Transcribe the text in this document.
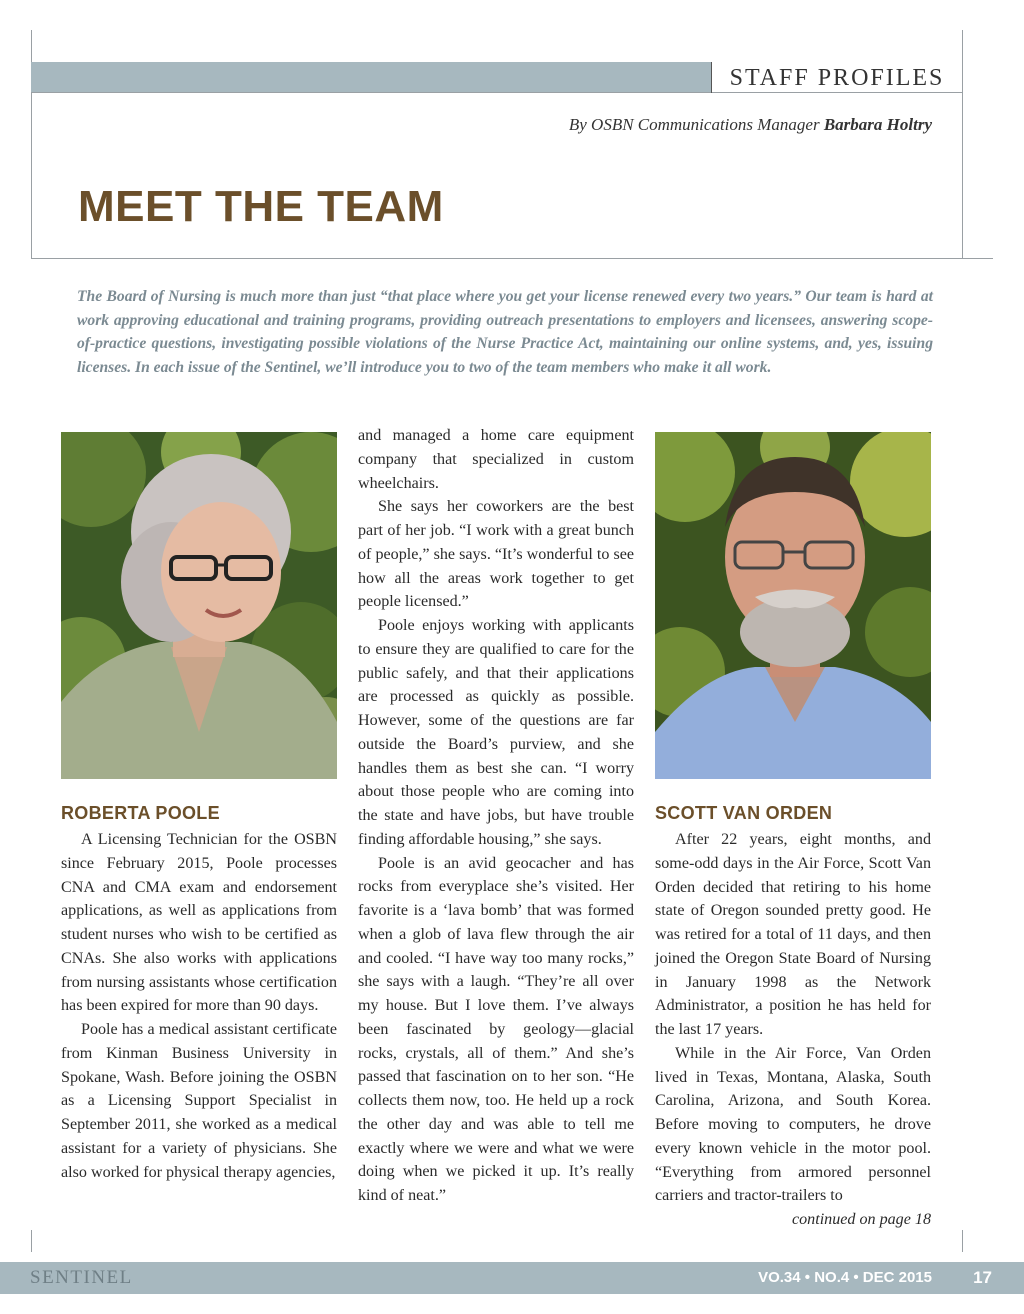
STAFF PROFILES
By OSBN Communications Manager Barbara Holtry
MEET THE TEAM
The Board of Nursing is much more than just “that place where you get your license renewed every two years.” Our team is hard at work approving educational and training programs, providing outreach presentations to employers and licensees, answering scope-of-practice questions, investigating possible violations of the Nurse Practice Act, maintaining our online systems, and, yes, issuing licenses. In each issue of the Sentinel, we’ll introduce you to two of the team members who make it all work.
ROBERTA POOLE

A Licensing Technician for the OSBN since February 2015, Poole processes CNA and CMA exam and endorsement applications, as well as applications from student nurses who wish to be certified as CNAs. She also works with applications from nursing assistants whose certification has been expired for more than 90 days.

Poole has a medical assistant certificate from Kinman Business University in Spokane, Wash. Before joining the OSBN as a Licensing Support Specialist in September 2011, she worked as a medical assistant for a variety of physicians. She also worked for physical therapy agencies,

and managed a home care equipment company that specialized in custom wheelchairs.

She says her coworkers are the best part of her job. “I work with a great bunch of people,” she says. “It’s wonderful to see how all the areas work together to get people licensed.”

Poole enjoys working with applicants to ensure they are qualified to care for the public safely, and that their applications are processed as quickly as possible. However, some of the questions are far outside the Board’s purview, and she handles them as best she can. “I worry about those people who are coming into the state and have jobs, but have trouble finding affordable housing,” she says.

Poole is an avid geocacher and has rocks from everyplace she’s visited. Her favorite is a ‘lava bomb’ that was formed when a glob of lava flew through the air and cooled. “I have way too many rocks,” she says with a laugh. “They’re all over my house. But I love them. I’ve always been fascinated by geology—glacial rocks, crystals, all of them.” And she’s passed that fascination on to her son. “He collects them now, too. He held up a rock the other day and was able to tell me exactly where we were and what we were doing when we picked it up. It’s really kind of neat.”

SCOTT VAN ORDEN

After 22 years, eight months, and some-odd days in the Air Force, Scott Van Orden decided that retiring to his home state of Oregon sounded pretty good. He was retired for a total of 11 days, and then joined the Oregon State Board of Nursing in January 1998 as the Network Administrator, a position he has held for the last 17 years.

While in the Air Force, Van Orden lived in Texas, Montana, Alaska, South Carolina, Arizona, and South Korea. Before moving to computers, he drove every known vehicle in the motor pool. “Everything from armored personnel carriers and tractor-trailers to

continued on page 18

SENTINEL	VO.34 • NO.4 • DEC 2015 17
